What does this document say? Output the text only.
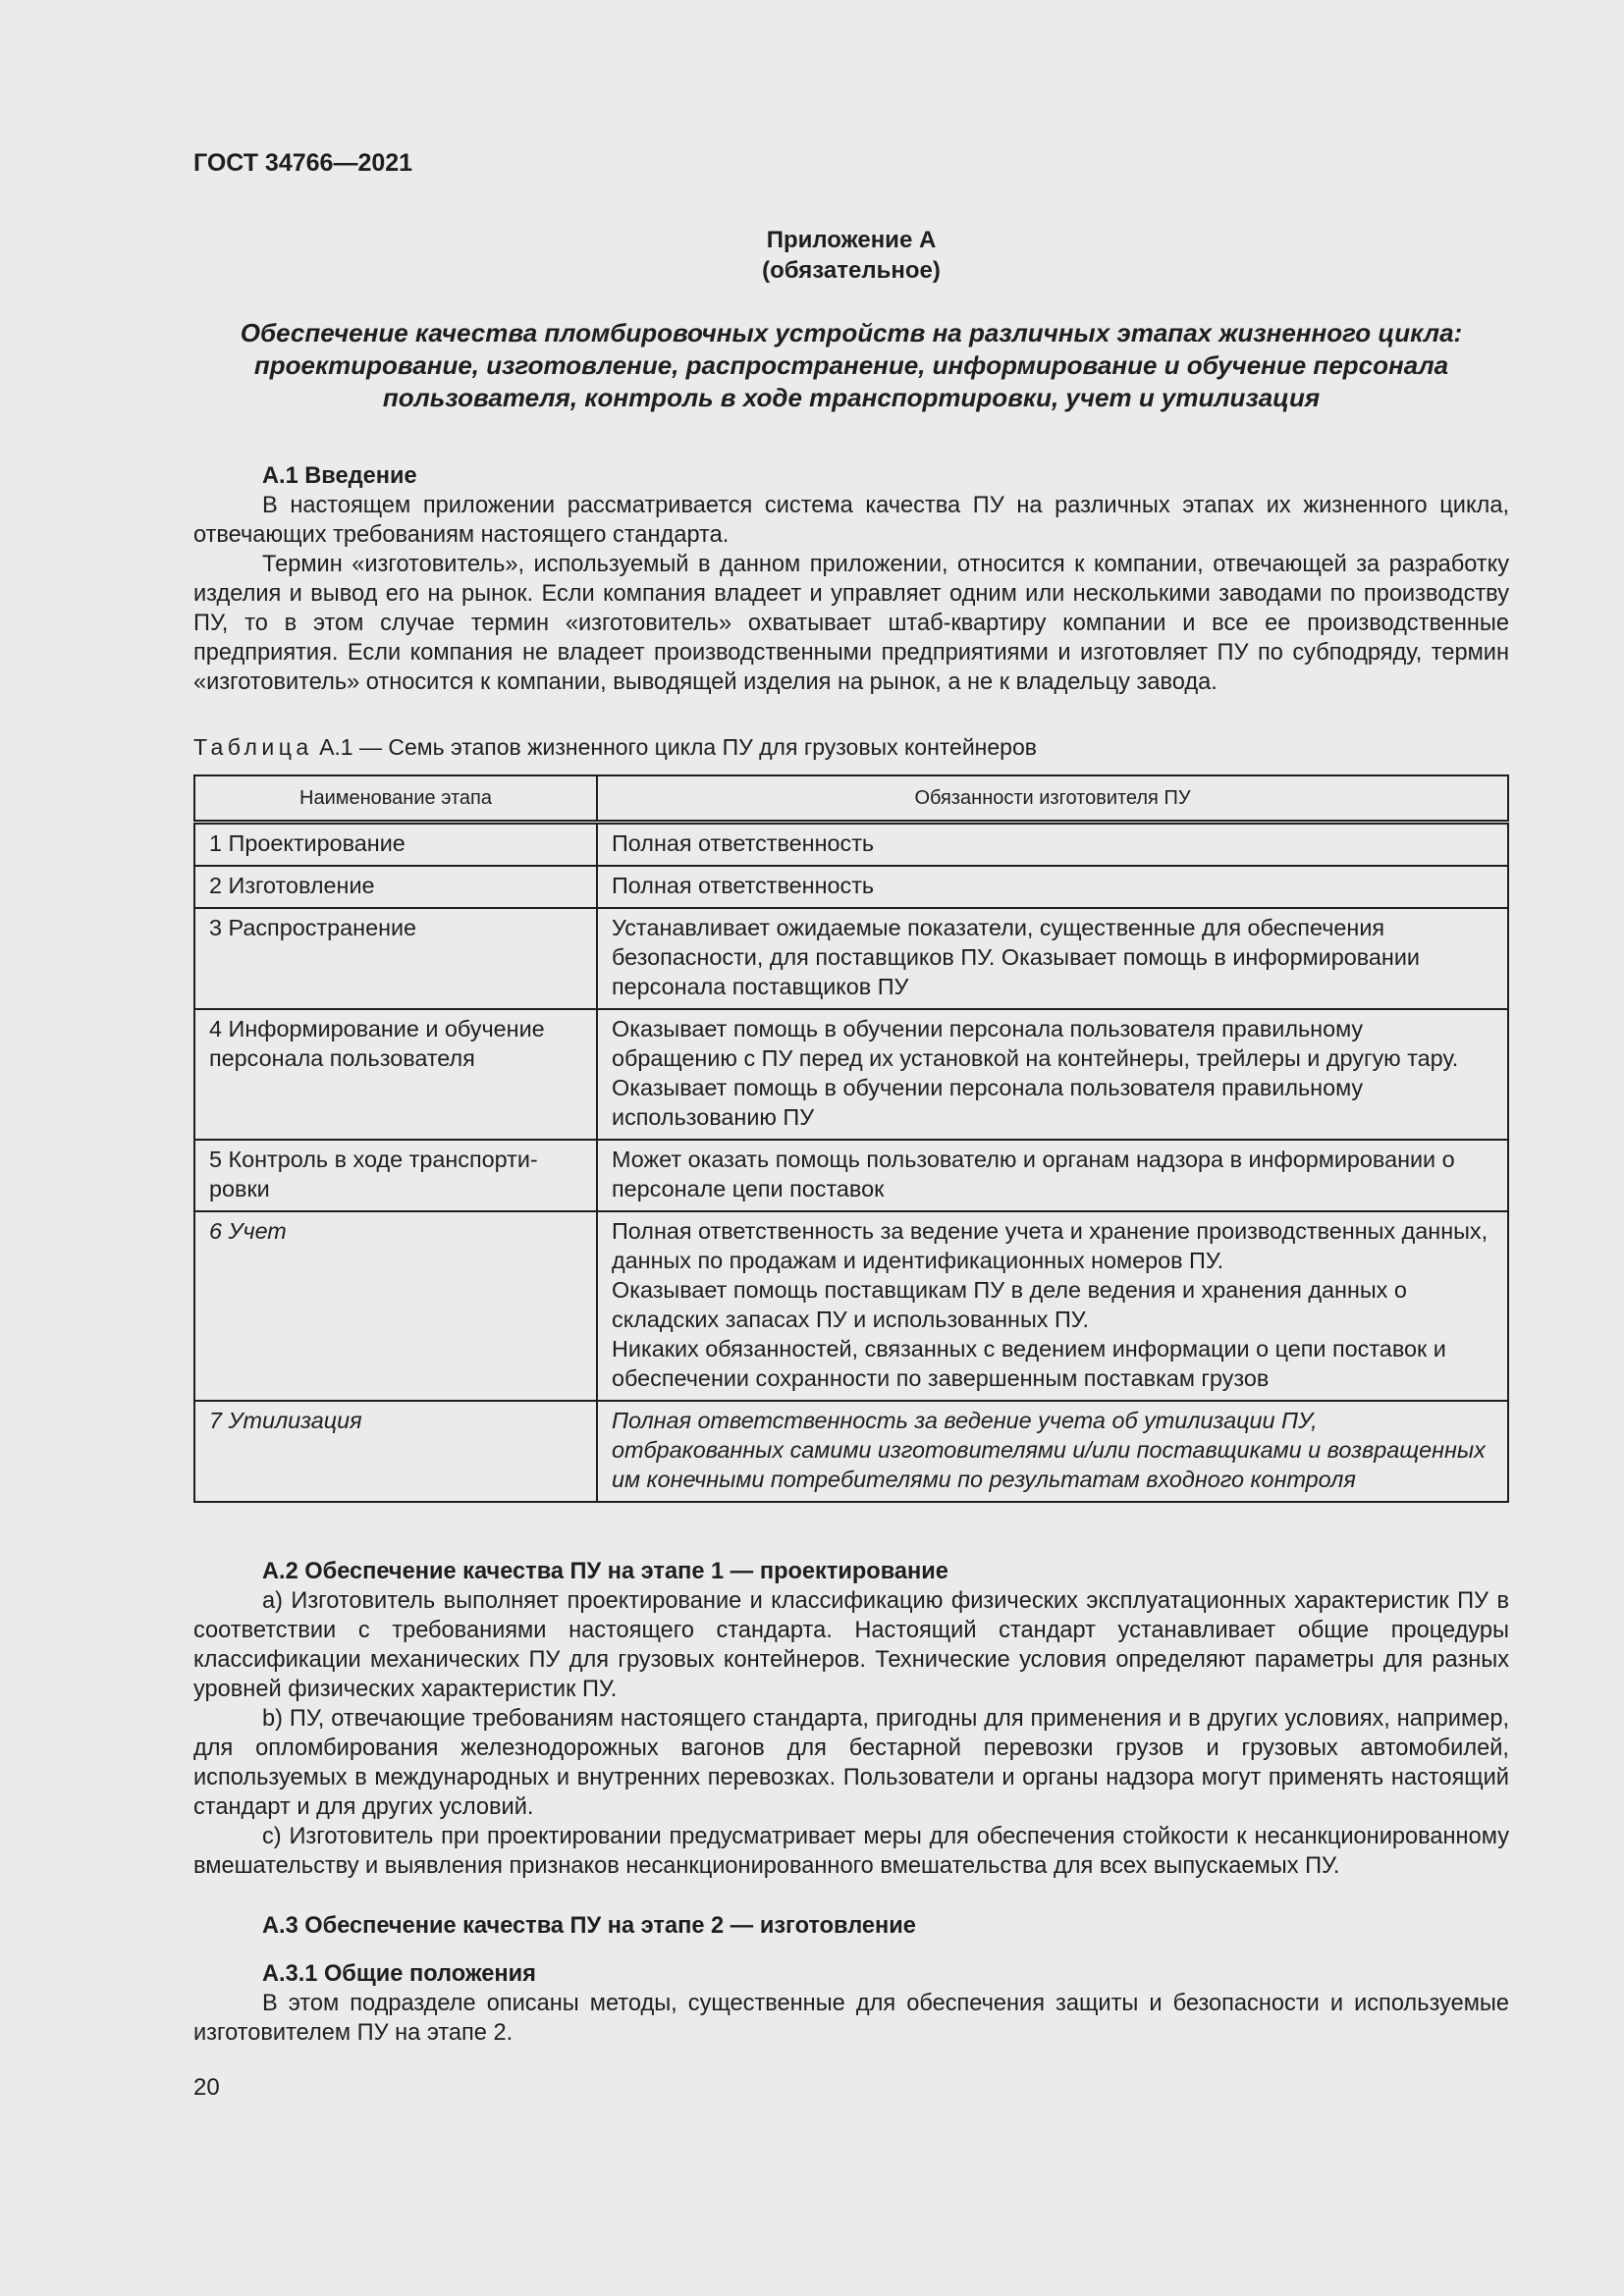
ГОСТ 34766—2021
Приложение А
(обязательное)
Обеспечение качества пломбировочных устройств на различных этапах жизненного цикла: проектирование, изготовление, распространение, информирование и обучение персонала пользователя, контроль в ходе транспортировки, учет и утилизация
А.1 Введение

В настоящем приложении рассматривается система качества ПУ на различных этапах их жизненного цикла, отвечающих требованиям настоящего стандарта.

Термин «изготовитель», используемый в данном приложении, относится к компании, отвечающей за разработку изделия и вывод его на рынок. Если компания владеет и управляет одним или несколькими заводами по производству ПУ, то в этом случае термин «изготовитель» охватывает штаб-квартиру компании и все ее производственные предприятия. Если компания не владеет производственными предприятиями и изготовляет ПУ по субподряду, термин «изготовитель» относится к компании, выводящей изделия на рынок, а не к владельцу завода.

Таблица А.1 — Семь этапов жизненного цикла ПУ для грузовых контейнеров
Наименование этапа	Обязанности изготовителя ПУ
1 Проектирование	Полная ответственность
2 Изготовление	Полная ответственность
3 Распространение	Устанавливает ожидаемые показатели, существенные для обеспечения безопасности, для поставщиков ПУ. Оказывает помощь в информировании персонала поставщиков ПУ
4 Информирование и обучение персонала пользователя	Оказывает помощь в обучении персонала пользователя правильному обращению с ПУ перед их установкой на контейнеры, трейлеры и другую тару. Оказывает помощь в обучении персонала пользователя правильному использованию ПУ
5 Контроль в ходе транспорти-ровки	Может оказать помощь пользователю и органам надзора в информировании о персонале цепи поставок
6 Учет	Полная ответственность за ведение учета и хранение производственных данных, данных по продажам и идентификационных номеров ПУ.
Оказывает помощь поставщикам ПУ в деле ведения и хранения данных о складских запасах ПУ и использованных ПУ.
Никаких обязанностей, связанных с ведением информации о цепи поставок и обеспечении сохранности по завершенным поставкам грузов

7 Утилизация	Полная ответственность за ведение учета об утилизации ПУ, отбракованных самими изготовителями и/или поставщиками и возвращенных им конечными потребителями по результатам входного контроля
А.2 Обеспечение качества ПУ на этапе 1 — проектирование

а) Изготовитель выполняет проектирование и классификацию физических эксплуатационных характеристик ПУ в соответствии с требованиями настоящего стандарта. Настоящий стандарт устанавливает общие процедуры классификации механических ПУ для грузовых контейнеров. Технические условия определяют параметры для разных уровней физических характеристик ПУ.

b) ПУ, отвечающие требованиям настоящего стандарта, пригодны для применения и в других условиях, например, для опломбирования железнодорожных вагонов для бестарной перевозки грузов и грузовых автомобилей, используемых в международных и внутренних перевозках. Пользователи и органы надзора могут применять настоящий стандарт и для других условий.

с) Изготовитель при проектировании предусматривает меры для обеспечения стойкости к несанкционированному вмешательству и выявления признаков несанкционированного вмешательства для всех выпускаемых ПУ.

А.3 Обеспечение качества ПУ на этапе 2 — изготовление
А.3.1 Общие положения

В этом подразделе описаны методы, существенные для обеспечения защиты и безопасности и используемые изготовителем ПУ на этапе 2.

20
